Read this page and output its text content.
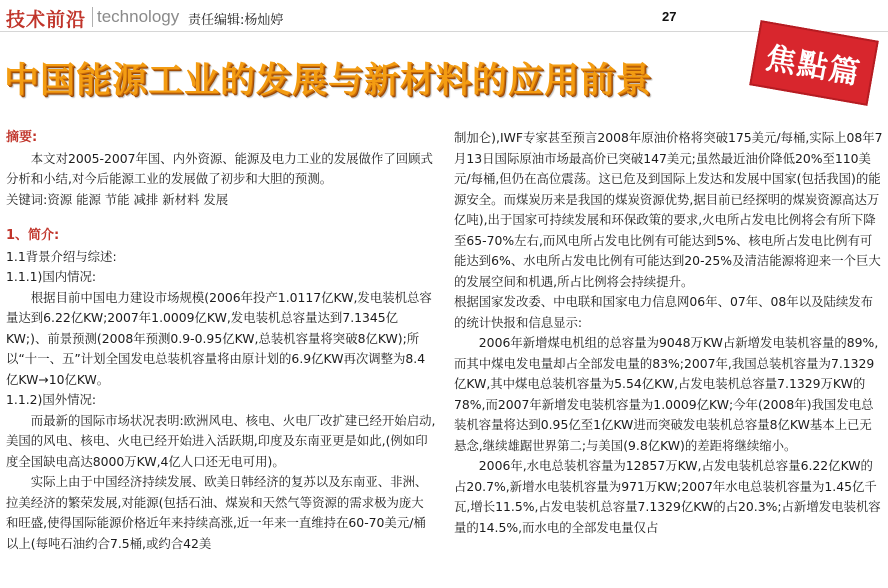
技术前沿 technology 责任编辑:杨灿婷	27
中国能源工业的发展与新材料的应用前景	焦點篇

摘要:

本文对2005-2007年国、内外资源、能源及电力工业的发展做作了回顾式分析和小结,对今后能源工业的发展做了初步和大胆的预测。

关键词:资源 能源 节能 减排 新材料 发展

1、简介:

1.1背景介绍与综述:

1.1.1)国内情况:

根据目前中国电力建设市场规模(2006年投产1.0117亿KW,发电装机总容量达到6.22亿KW;2007年1.0009亿KW,发电装机总容量达到7.1345亿KW;)、前景预测(2008年预测0.9-0.95亿KW,总装机容量将突破8亿KW);所以“十一、五”计划全国发电总装机容量将由原计划的6.9亿KW再次调整为8.4亿KW→10亿KW。

1.1.2)国外情况:

而最新的国际市场状况表明:欧洲风电、核电、火电厂改扩建已经开始启动,美国的风电、核电、火电已经开始进入活跃期,印度及东南亚更是如此,(例如印度全国缺电高达8000万KW,4亿人口还无电可用)。

实际上由于中国经济持续发展、欧美日韩经济的复苏以及东南亚、非洲、拉美经济的繁荣发展,对能源(包括石油、煤炭和天然气等资源的需求极为庞大和旺盛,使得国际能源价格近年来持续高涨,近一年来一直维持在60-70美元/桶以上(每吨石油约合7.5桶,或约合42美

制加仑),IWF专家甚至预言2008年原油价格将突破175美元/每桶,实际上08年7月13日国际原油市场最高价已突破147美元;虽然最近油价降低20%至110美元/每桶,但仍在高位震荡。这已危及到国际上发达和发展中国家(包括我国)的能源安全。而煤炭历来是我国的煤炭资源优势,据目前已经探明的煤炭资源高达万亿吨),出于国家可持续发展和环保政策的要求,火电所占发电比例将会有所下降至65-70%左右,而风电所占发电比例有可能达到5%、核电所占发电比例有可能达到6%、水电所占发电比例有可能达到20-25%及清洁能源将迎来一个巨大的发展空间和机遇,所占比例将会持续提升。

根据国家发改委、中电联和国家电力信息网06年、07年、08年以及陆续发布的统计快报和信息显示:

2006年新增煤电机组的总容量为9048万KW占新增发电装机容量的89%,而其中煤电发电量却占全部发电量的83%;2007年,我国总装机容量为7.1329亿KW,其中煤电总装机容量为5.54亿KW,占发电装机总容量7.1329万KW的78%,而2007年新增发电装机容量为1.0009亿KW;今年(2008年)我国发电总装机容量将达到0.95亿至1亿KW进而突破发电装机总容量8亿KW基本上已无悬念,继续雄踞世界第二;与美国(9.8亿KW)的差距将继续缩小。

2006年,水电总装机容量为12857万KW,占发电装机总容量6.22亿KW的占20.7%,新增水电装机容量为971万KW;2007年水电总装机容量为1.45亿千瓦,增长11.5%,占发电装机总容量7.1329亿KW的占20.3%;占新增发电装机容量的14.5%,而水电的全部发电量仅占
